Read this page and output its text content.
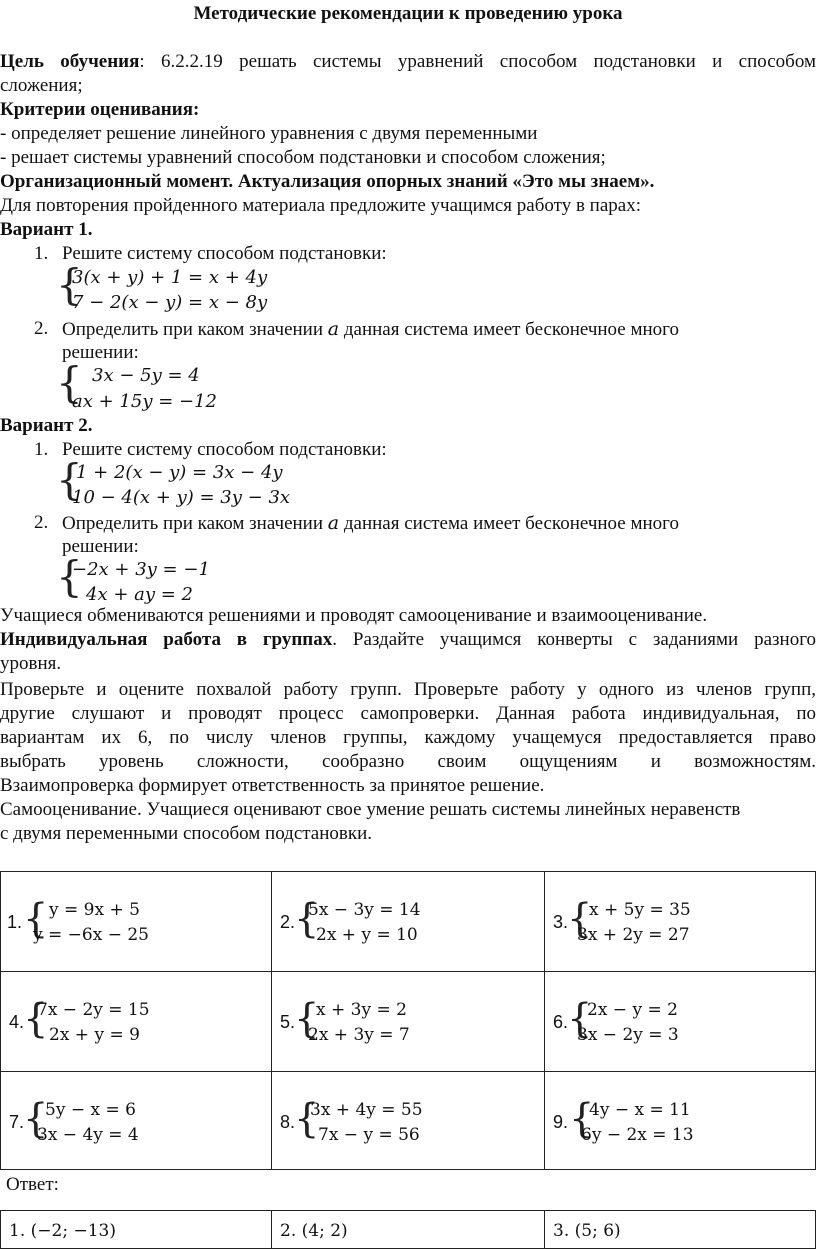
Методические рекомендации к проведению урока
Цель обучения: 6.2.2.19 решать системы уравнений способом подстановки и способом
сложения;
Критерии оценивания:
- определяет решение линейного уравнения с двумя переменными
- решает системы уравнений способом подстановки и способом сложения;
Организационный момент. Актуализация опорных знаний «Это мы знаем».
Для повторения пройденного материала предложите учащимся работу в парах:
Вариант 1.
1. Решите систему способом подстановки:
{
3(𝑥 + 𝑦) + 1 = 𝑥 + 4𝑦
7 − 2(𝑥 − 𝑦) = 𝑥 − 8𝑦
2. Определить при каком значении 𝑎 данная система имеет бесконечное много
решении:
{ 3𝑥 − 5𝑦 = 4
𝑎𝑥 + 15𝑦 = −12
Вариант 2.
1. Решите систему способом подстановки:
{
1 + 2(𝑥 − 𝑦) = 3𝑥 − 4𝑦
10 − 4(𝑥 + 𝑦) = 3𝑦 − 3𝑥
2. Определить при каком значении 𝑎 данная система имеет бесконечное много
решении:
{
−2𝑥 + 3𝑦 = −1
4𝑥 + 𝑎𝑦 = 2
Учащиеся обмениваются решениями и проводят самооценивание и взаимооценивание.
Индивидуальная работа в группах. Раздайте учащимся конверты с заданиями разного
уровня.
Проверьте и оцените похвалой работу групп. Проверьте работу у одного из членов групп,
другие слушают и проводят процесс самопроверки. Данная работа индивидуальная, по
вариантам их 6, по числу членов группы, каждому учащемуся предоставляется право
выбрать уровень сложности, сообразно своим ощущениям и возможностям.
Взаимопроверка формирует ответственность за принятое решение.
Самооценивание. Учащиеся оценивают свое умение решать системы линейных неравенств
с двумя переменными способом подстановки.
1. { y = 9x + 5
y = −6x − 25	2.
{
5x − 3y = 14
2x + y = 10	3.
{
x + 5y = 35
3x + 2y = 27

4.
{
7x − 2y = 15
2x + y = 9	5.
{
x + 3y = 2
2x + 3y = 7	6.
{
2x − y = 2
3x − 2y = 3

7.
{
5y − x = 6
3x − 4y = 4	8.
{
3x + 4y = 55
7x − y = 56	9. {
4y − x = 11
6y − 2x = 13
Ответ:
1. (−2; −13)	2. (4; 2)	3. (5; 6)
